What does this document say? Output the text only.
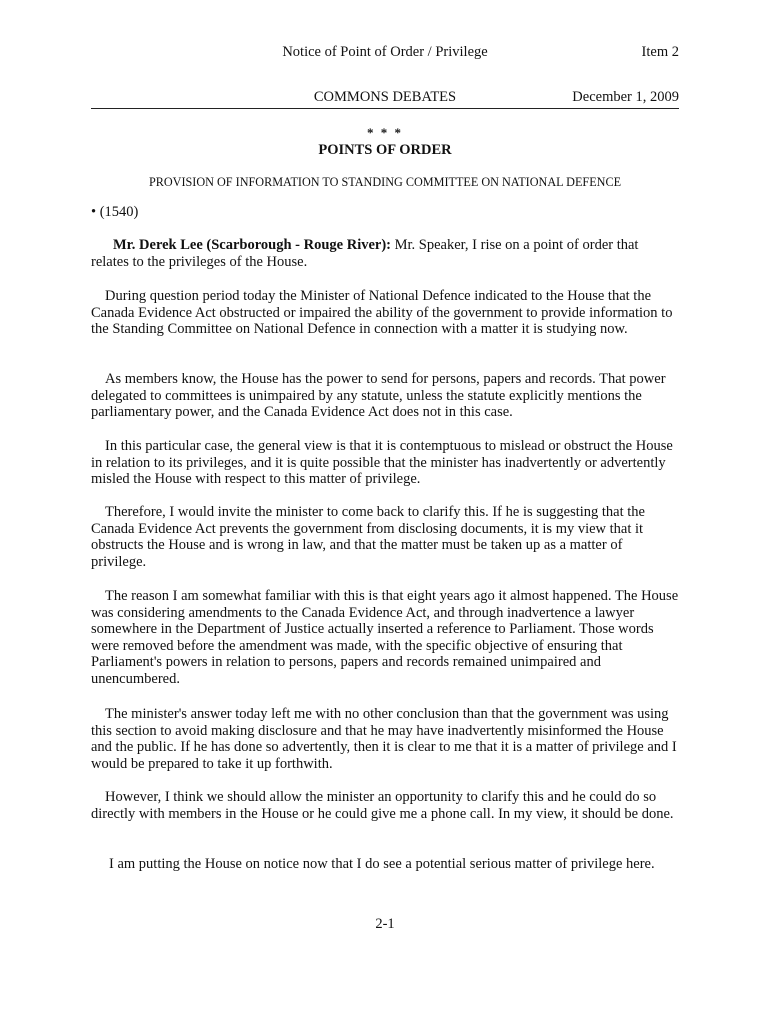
Notice of Point of Order / Privilege	Item 2
COMMONS DEBATES	December 1, 2009
* * *
POINTS OF ORDER
PROVISION OF INFORMATION TO STANDING COMMITTEE ON NATIONAL DEFENCE
• (1540)

Mr. Derek Lee (Scarborough - Rouge River): Mr. Speaker, I rise on a point of order that relates to the privileges of the House.

During question period today the Minister of National Defence indicated to the House that the Canada Evidence Act obstructed or impaired the ability of the government to provide information to the Standing Committee on National Defence in connection with a matter it is studying now.

As members know, the House has the power to send for persons, papers and records. That power delegated to committees is unimpaired by any statute, unless the statute explicitly mentions the parliamentary power, and the Canada Evidence Act does not in this case.

In this particular case, the general view is that it is contemptuous to mislead or obstruct the House in relation to its privileges, and it is quite possible that the minister has inadvertently or advertently misled the House with respect to this matter of privilege.

Therefore, I would invite the minister to come back to clarify this. If he is suggesting that the Canada Evidence Act prevents the government from disclosing documents, it is my view that it obstructs the House and is wrong in law, and that the matter must be taken up as a matter of privilege.

The reason I am somewhat familiar with this is that eight years ago it almost happened. The House was considering amendments to the Canada Evidence Act, and through inadvertence a lawyer somewhere in the Department of Justice actually inserted a reference to Parliament. Those words were removed before the amendment was made, with the specific objective of ensuring that Parliament's powers in relation to persons, papers and records remained unimpaired and unencumbered.

The minister's answer today left me with no other conclusion than that the government was using this section to avoid making disclosure and that he may have inadvertently misinformed the House and the public. If he has done so advertently, then it is clear to me that it is a matter of privilege and I would be prepared to take it up forthwith.

However, I think we should allow the minister an opportunity to clarify this and he could do so directly with members in the House or he could give me a phone call. In my view, it should be done.

I am putting the House on notice now that I do see a potential serious matter of privilege here.

2-1
